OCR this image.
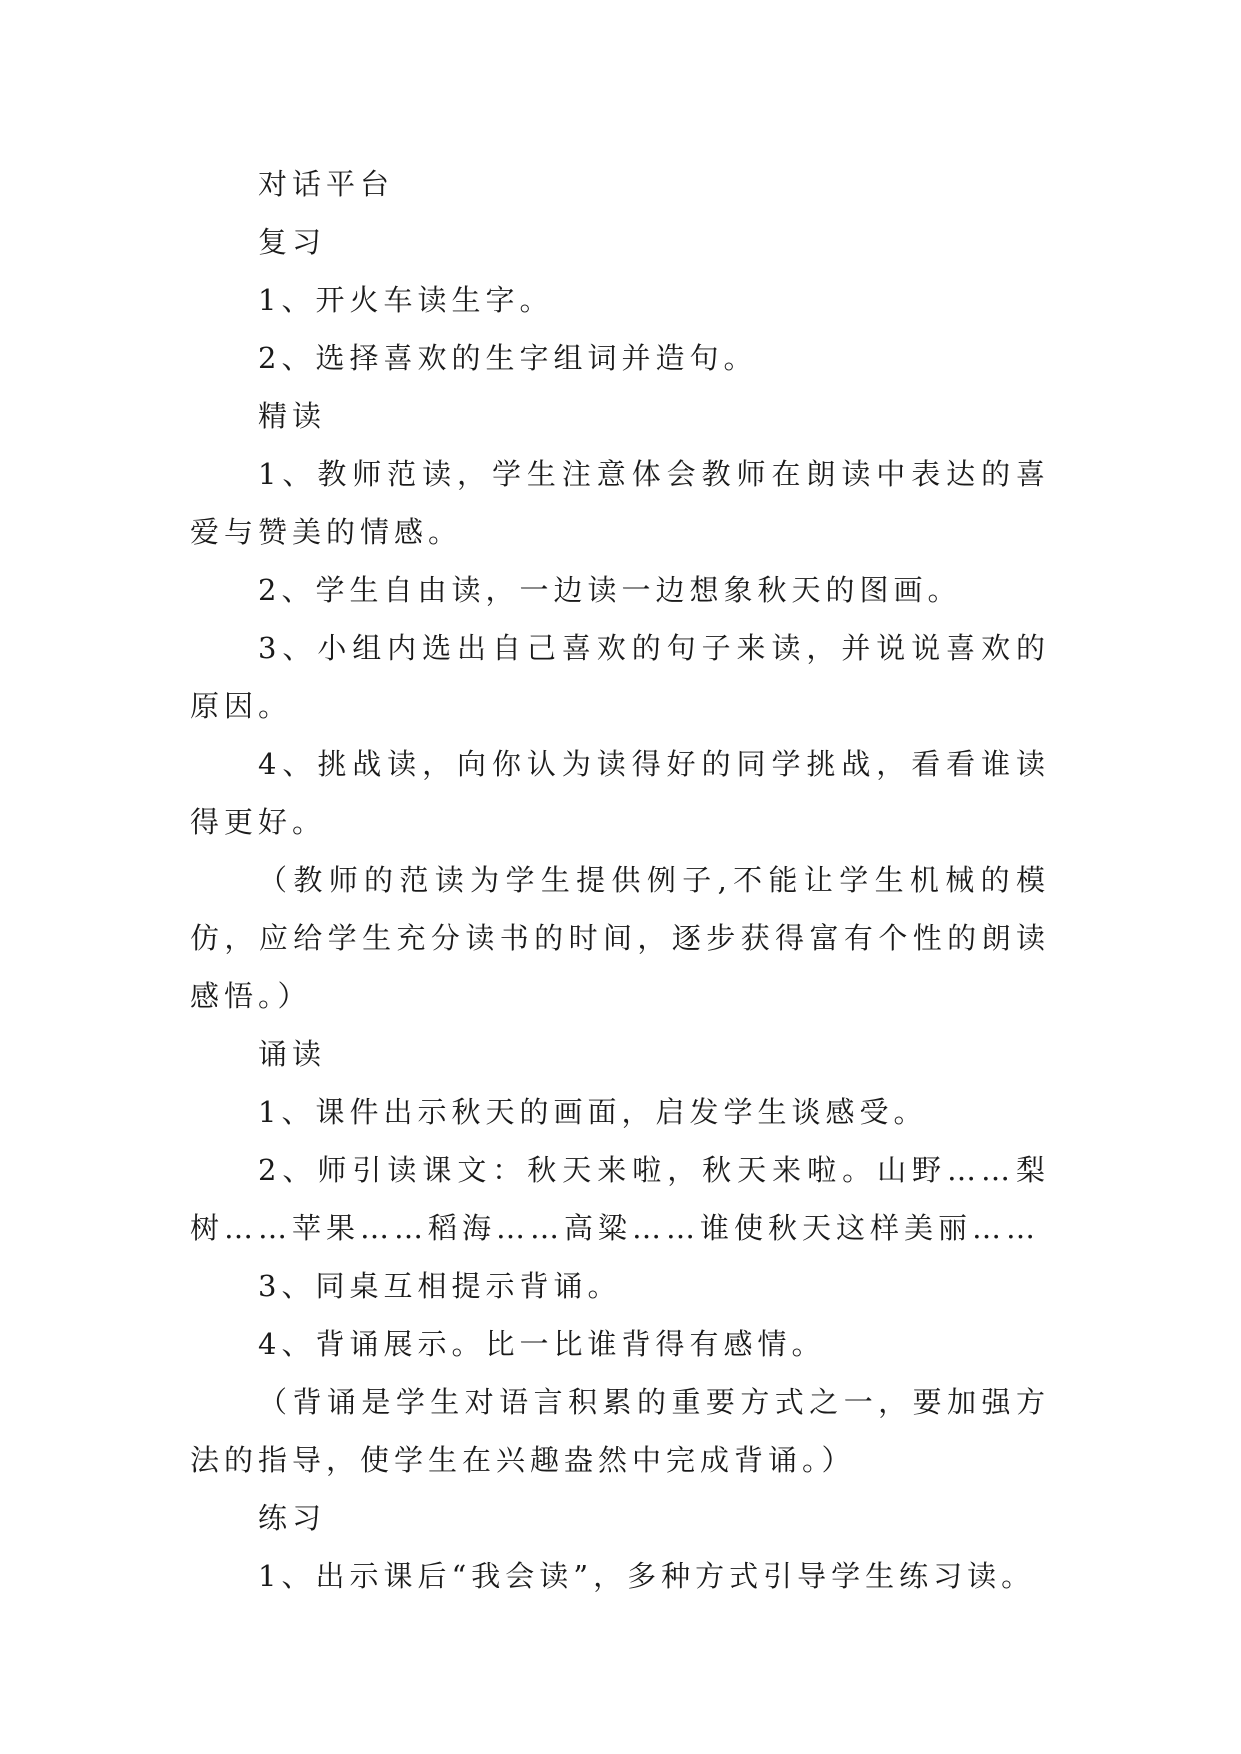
对话平台

复习

1、开火车读生字。

2、选择喜欢的生字组词并造句。

精读

1、教师范读，学生注意体会教师在朗读中表达的喜爱与赞美的情感。

2、学生自由读，一边读一边想象秋天的图画。

3、小组内选出自己喜欢的句子来读，并说说喜欢的原因。

4、挑战读，向你认为读得好的同学挑战，看看谁读得更好。

（教师的范读为学生提供例子,不能让学生机械的模仿，应给学生充分读书的时间，逐步获得富有个性的朗读感悟。）

诵读

1、课件出示秋天的画面，启发学生谈感受。

2、师引读课文：秋天来啦，秋天来啦。山野……梨树……苹果……稻海……高粱……谁使秋天这样美丽……

3、同桌互相提示背诵。

4、背诵展示。比一比谁背得有感情。

（背诵是学生对语言积累的重要方式之一，要加强方法的指导，使学生在兴趣盎然中完成背诵。）

练习

1、出示课后“我会读”，多种方式引导学生练习读。
